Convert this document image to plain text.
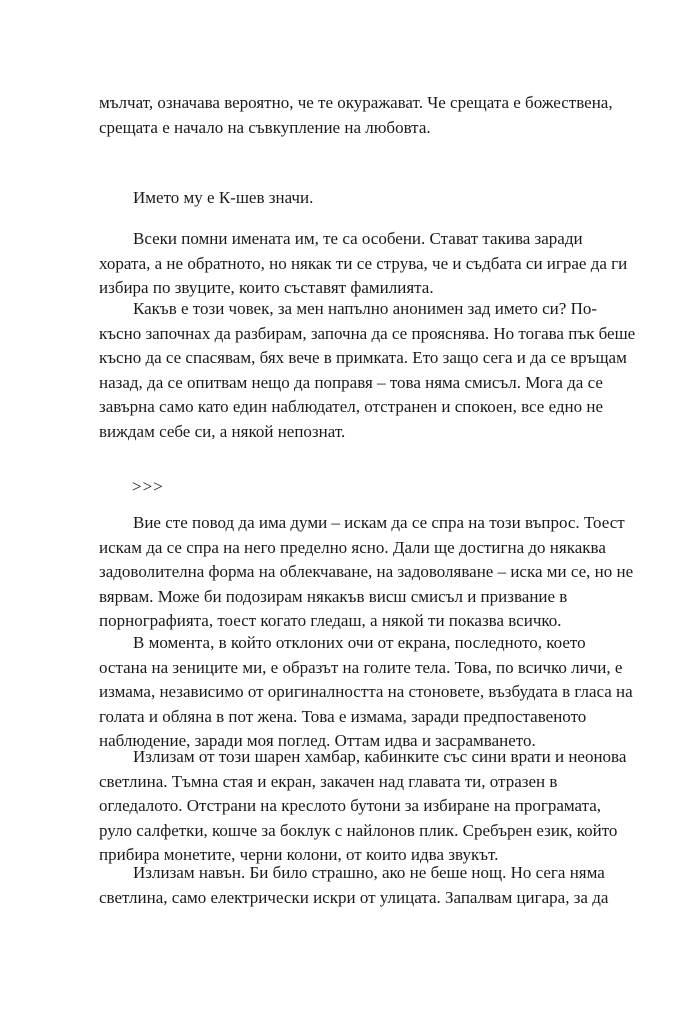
мълчат, означава вероятно, че те окуражават. Че срещата е божествена,
срещата е начало на съвкупление на любовта.

Името му е К-шев значи.

Всеки помни имената им, те са особени. Стават такива заради

хората, а не обратното, но някак ти се струва, че и съдбата си играе да ги
избира по звуците, които съставят фамилията.

Какъв е този човек, за мен напълно анонимен зад името си? По-

късно започнах да разбирам, започна да се прояснява. Но тогава пък беше
късно да се спасявам, бях вече в примката. Ето защо сега и да се връщам
назад, да се опитвам нещо да поправя – това няма смисъл. Мога да се
завърна само като един наблюдател, отстранен и спокоен, все едно не
виждам себе си, а някой непознат.

>>>

Вие сте повод да има думи – искам да се спра на този въпрос. Тоест

искам да се спра на него пределно ясно. Дали ще достигна до някаква
задоволителна форма на облекчаване, на задоволяване – иска ми се, но не
вярвам. Може би подозирам някакъв висш смисъл и призвание в
порнографията, тоест когато гледаш, а някой ти показва всичко.

В момента, в който отклоних очи от екрана, последното, което

остана на зениците ми, е образът на голите тела. Това, по всичко личи, е
измама, независимо от оригиналността на стоновете, възбудата в гласа на
голата и обляна в пот жена. Това е измама, заради предпоставеното
наблюдение, заради моя поглед. Оттам идва и засрамването.

Излизам от този шарен хамбар, кабинките със сини врати и неонова

светлина. Тъмна стая и екран, закачен над главата ти, отразен в
огледалото. Отстрани на креслото бутони за избиране на програмата,
руло салфетки, кошче за боклук с найлонов плик. Сребърен език, който
прибира монетите, черни колони, от които идва звукът.

Излизам навън. Би било страшно, ако не беше нощ. Но сега няма

светлина, само електрически искри от улицата. Запалвам цигара, за да
